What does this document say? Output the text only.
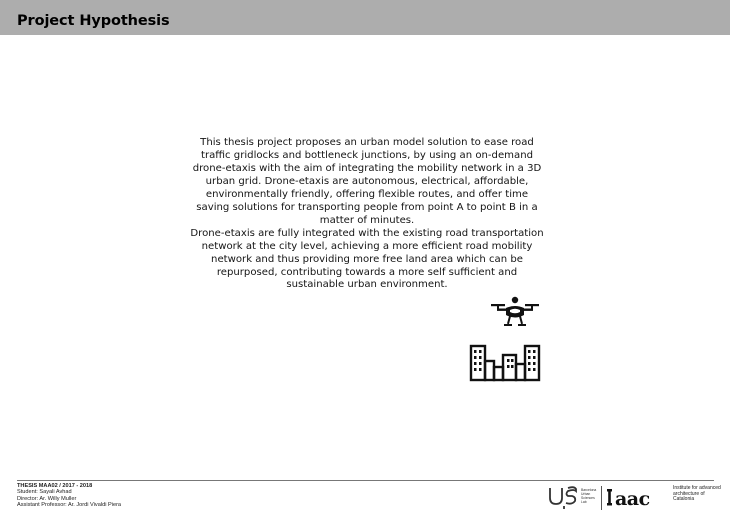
Project Hypothesis

This thesis project proposes an urban model solution to ease road traffic gridlocks and bottleneck junctions, by using an on-demand drone-etaxis with the aim of integrating the mobility network in a 3D urban grid. Drone-etaxis are autonomous, electrical, affordable, environmentally friendly, offering flexible routes, and offer time saving solutions for transporting people from point A to point B in a matter of minutes.

Drone-etaxis are fully integrated with the existing road transportation network at the city level, achieving a more efficient road mobility network and thus providing more free land area which can be repurposed, contributing towards a more self sufficient and sustainable urban environment.

THESIS MAA02 / 2017 - 2018
Student: Sayali Avhad
Director: Ar. Willy Muller
Assistant Professor: Ar. Jordi Vivaldi Piera
Barcelona Urban Sciences Lab	aac	Institute for advanced architecture of Catalonia
